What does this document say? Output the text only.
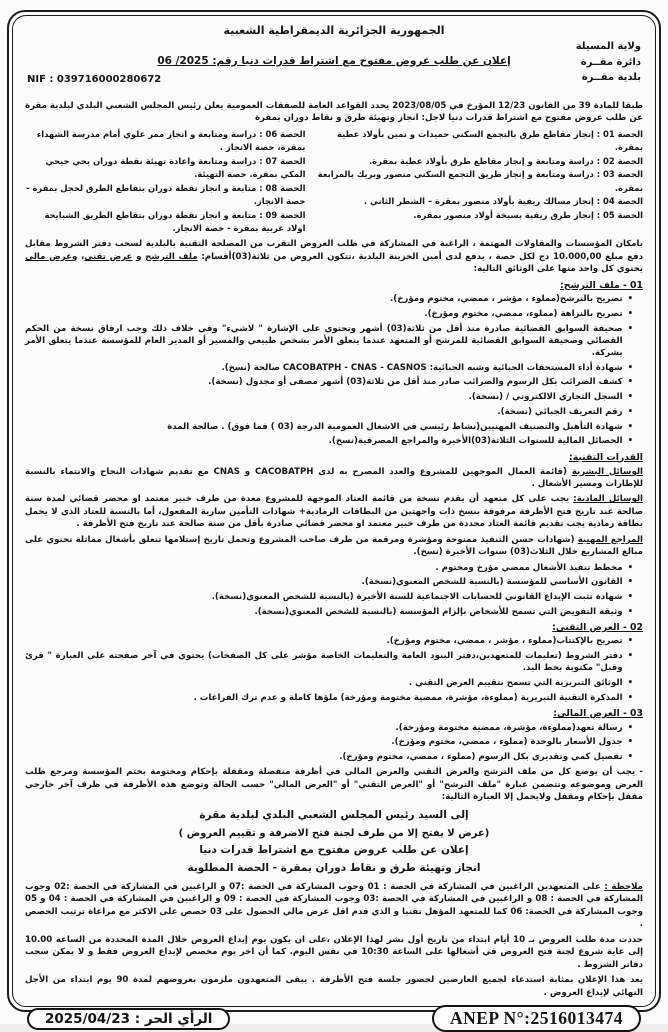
الجمهورية الجزائرية الديمقراطية الشعبية
ولاية المسيلة
دائرة مقــرة
بلدية مقــرة
إعلان عن طلب عروض مفتوح مع اشتراط قدرات دنيا رقم: 2025/ 06
NIF : 039716000280672

طبقا للمادة 39 من القانون 12/23 المؤرخ في 2023/08/05 يحدد القواعد العامة للصفقات العمومية يعلن رئيس المجلس الشعبي البلدي لبلدية مقرة عن طلب عروض مفتوح مع اشتراط قدرات دنيا لاجل: انجاز وتهيئة طرق و نقاط دوران بمقرة

الحصة 01 : إنجاز مقاطع طرق بالتجمع السكني حميدات و نمين بأولاد عطية بمقرة.
الحصة 02 : دراسة ومتابعة و إنجاز مقاطع طرق بأولاد عطية بمقرة.
الحصة 03 : دراسة ومتابعة و إنجاز طريق التجمع السكني منصور وبريك بالمرابعة بمقرة.
الحصة 04 : إنجاز مسالك ريفية بأولاد منصور بمقرة – الشطر الثاني .
الحصة 05 : إنجاز طرق ريفية بسبخة أولاد منصور بمقرة.
الحصة 06 : دراسة ومتابعة و انجاز ممر علوي أمام مدرسة الشهداء بمقرة، حصة الانجاز .
الحصة 07 : دراسة ومتابعة واعادة تهيئة نقطة دوران بحي حيحي المكي بمقرة. حصة التهيئة.
الحصة 08 : متابعة و انجاز نقطة دوران بتقاطع الطرق لحجل بمقرة - حصة الانجاز.
الحصة 09 : متابعة و انجاز نقطة دوران بتقاطع الطريق الشبايحة اولاد عربية بمقرة - حصة الانجاز.

بامكان المؤسسات والمقاولات المهتمة ، الراغبة في المشاركة في طلب العروض التقرب من المصلحة التقنية بالبلدية لسحب دفتر الشروط مقابل دفع مبلغ 10.000,00 دج لكل حصة ، يدفع لدى أمين الخزينة البلدية ،تتكون العروض من ثلاثة(03)أقسام: ملف الترشح و عرض تقني، وعرض مالي يحتوي كل واحد منها على الوثائق التالية:

01 - ملف الترشح:
•
تصريح بالترشح(مملوء ، مؤشر ، ممضي، مختوم ومؤرخ).
•
تصريح بالنزاهة (مملوء، ممضي، مختوم ومؤرخ).
•
صحيفة السوابق القضائية صادرة منذ أقل من ثلاثة(03) أشهر وتحتوي على الإشارة " لاشيء" وفي خلاف ذلك وجب ارفاق نسخة من الحكم القضائي وصحيفة السوابق القضائية للمرشح أو المتعهد عندما يتعلق الأمر بشخص طبيعي والمسير أو المدير العام للمؤسسة عندما يتعلق الأمر بشركة.
•
شهادة أداء المستحقات الجبائية وشبه الجبائية: CACOBATPH - CNAS - CASNOS صالحة (نسخ).
•
كشف الضرائب بكل الرسوم والضرائب صادر منذ أقل من ثلاثة(03) أشهر مصفى أو مجدول (نسخة).
•
السجل التجاري الالكتروني / (نسخة).
•
رقم التعريف الجبائي (نسخة).
•
شهادة التأهيل والتصنيف المهنيين(نشاط رئيسي في الاشغال العمومية الدرجة (03 ) فما فوق) . صالحة المدة
•
الحصائل المالية للسنوات الثلاثة(03)الأخيرة والمراجع المصرفية(نسخ).
القدرات التقنية:

الوسائل البشرية (قائمة العمال الموجهين للمشروع والعدد المصرح به لدى CACOBATPH و CNAS مع تقديم شهادات النجاح والانتماء بالنسبة للإطارات ومسير الأشغال .

الوسائل المادية: يجب على كل متعهد أن يقدم نسخة من قائمة العتاد الموجهة للمشروع معدة من طرف خبير معتمد او محضر قضائي لمدة سنة صالحة عند تاريخ فتح الأظرفة مرفوقة بنسخ ذات واجهتين من البطاقات الرمادية+ شهادات التأمين سارية المفعول، أما بالنسبة للعتاد الذي لا يحمل بطاقة رمادية يجب تقديم قائمة العتاد محددة من طرف خبير معتمد او محضر قضائي صادرة بأقل من سنة صالحة عند تاريخ فتح الأظرفة .

المراجع المهنية (شهادات حسن التنفيذ ممنوحة ومؤشرة ومرقمة من طرف صاحب المشروع وتحمل تاريخ إستلامها تتعلق بأشغال مماثلة تحتوي على مبالغ المشاريع خلال الثلاث(03) سنوات الأخيرة (نسخ).

•
مخطط تنفيذ الأشغال ممضي مؤرخ ومختوم .
•
القانون الأساسي للمؤسسة (بالنسبة للشخص المعنوي(نسخة).
•
شهادة تثبت الإيداع القانوني للحسابات الاجتماعية للسنة الأخيرة (بالنسبة للشخص المعنوي(نسخة).
•
وثيقة التفويض التي تسمح للأشخاص بإلزام المؤسسة (بالنسبة للشخص المعنوي(نسخة).
02 - العرض التقني:
•
تصريح بالإكتتاب(مملوء ، مؤشر ، ممضي، مختوم ومؤرخ).
•
دفتر الشروط (تعليمات للمتعهدين،دفتر البنود العامة والتعليمات الخاصة مؤشر على كل الصفحات) يحتوي في آخر صفحته على العبارة " قرئ وقبل" مكتوبة بخط اليد.
•
الوثائق التبريرية التي تسمح بتقييم العرض التقني .
•
المذكرة التقنية التبريرية (مملوءة، مؤشرة، ممضية مختومة ومؤرخة) ملؤها كاملة و عدم ترك الفراغات .
03 - العرض المالي:
•
رسالة تعهد(مملوءة، مؤشرة، ممضية مختومة ومؤرخة).
•
جدول الأسعار بالوحدة (مملوء ، ممضي، مختوم ومؤرخ).
•
تفصيل كمي وتقديري بكل الرسوم (مملوء ، ممضي، مختوم ومؤرخ).

- يجب أن يوضع كل من ملف الترشح والعرض التقني والعرض المالي في أظرفة منفصلة ومقفلة بإحكام ومختومة بختم المؤسسة ومرجع طلب العرض وموضوعه وتتضمن عبارة "ملف الترشح" أو "العرض التقني" أو "العرض المالي" حسب الحالة وتوضع هذه الأظرفة في ظرف آخر خارجي مقفل بإحكام ومقفل ولايحمل إلا العبارة التالية:

إلى السيد رئيس المجلس الشعبي البلدي لبلدية مقرة
(عرض لا يفتح إلا من طرف لجنة فتح الاضرفة و تقييم العروض )
إعلان عن طلب عروض مفتوح مع اشتراط قدرات دنيا
انجاز وتهيئة طرق و نقاط دوران بمقرة - الحصة المطلوبة

ملاحظة : على المتعهدين الراغبين في المشاركة في الحصة : 01 وجوب المشاركة في الحصة :07 و الراغبين في المشاركة في الحصة :02 وجوب المشاركة في الحصة : 08 و الراغبين في المشاركة في الحصة :03 وجوب المشاركة في الحصة : 09 و الراغبين في المشاركة في الحصة : 04 و 05 وجوب المشاركة في الحصة: 06 كما للمتعهد المؤهل تقنيا و الذي قدم اقل عرض مالي الحصول على 03 حصص على الاكثر مع مراعاة ترتيب الحصص .

حددت مدة طلب العروض بـ 10 أيام ابتداء من تاريخ أول نشر لهذا الإعلان ،على ان يكون يوم إيداع العروض خلال المدة المحددة من الساعة 10.00 إلى غاية شروع لجنة فتح العروض في أشغالها على الساعة 10:30 في نفس اليوم. كما أن اخر يوم مخصص لإيداع العروض فقط و لا يمكن سحب دفاتر الشروط .

يعد هذا الإعلان بمثابة استدعاء لجميع العارضين لحضور جلسة فتح الأظرفة . يبقى المتعهدون ملزمون بعروضهم لمدة 90 يوم ابتداء من الأجل النهائي لإيداع العروض .

ANEP N°:2516013474
الرأي الحر : 2025/04/23
